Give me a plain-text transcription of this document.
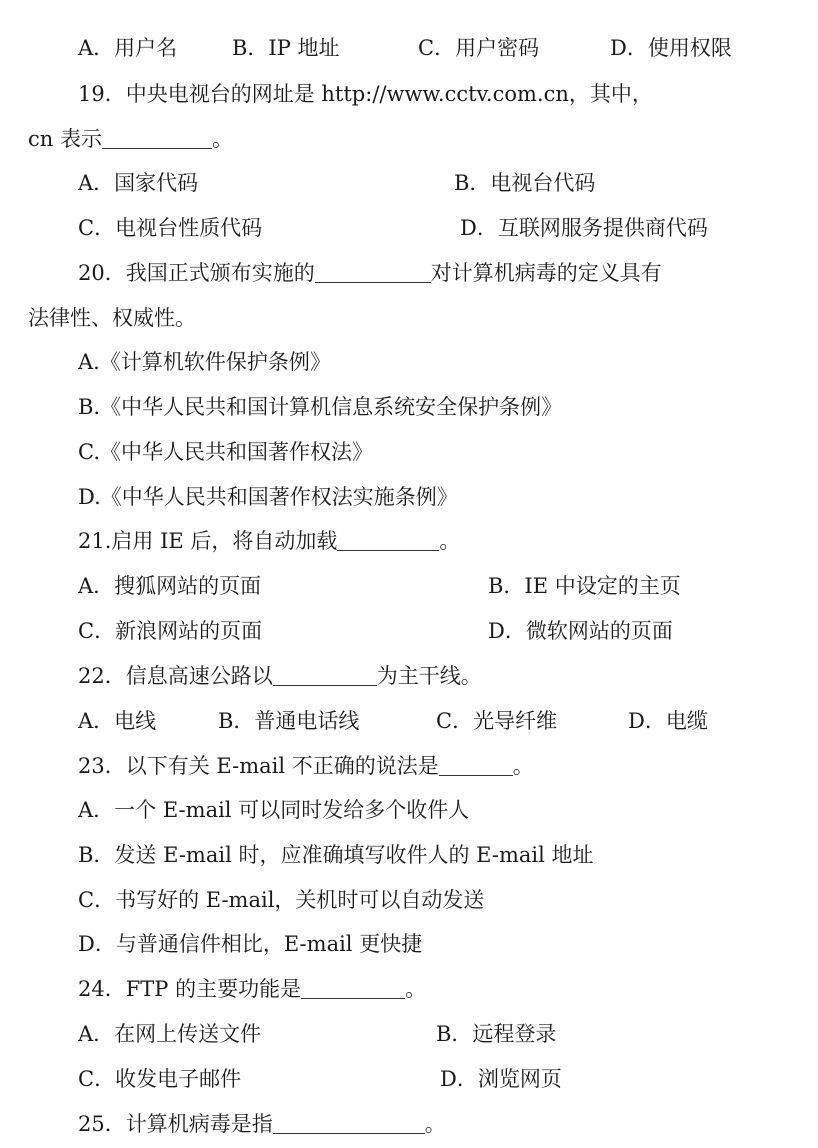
A．用户名	B．IP 地址	C．用户密码	D．使用权限
19．中央电视台的网址是 http://www.cctv.com.cn，其中，
cn 表示	。
A．国家代码	B．电视台代码
C．电视台性质代码	D．互联网服务提供商代码
20．我国正式颁布实施的	对计算机病毒的定义具有
法律性、权威性。
A.《计算机软件保护条例》
B.《中华人民共和国计算机信息系统安全保护条例》
C.《中华人民共和国著作权法》
D.《中华人民共和国著作权法实施条例》
21.启用 IE 后，将自动加载	。
A．搜狐网站的页面	B．IE 中设定的主页
C．新浪网站的页面	D．微软网站的页面
22．信息高速公路以	为主干线。
A．电线	B．普通电话线	C．光导纤维	D．电缆
23．以下有关 E-mail 不正确的说法是	。
A．一个 E-mail 可以同时发给多个收件人
B．发送 E-mail 时，应准确填写收件人的 E-mail 地址
C．书写好的 E-mail，关机时可以自动发送
D．与普通信件相比，E-mail 更快捷
24．FTP 的主要功能是	。
A．在网上传送文件	B．远程登录
C．收发电子邮件	D．浏览网页
25．计算机病毒是指	。
